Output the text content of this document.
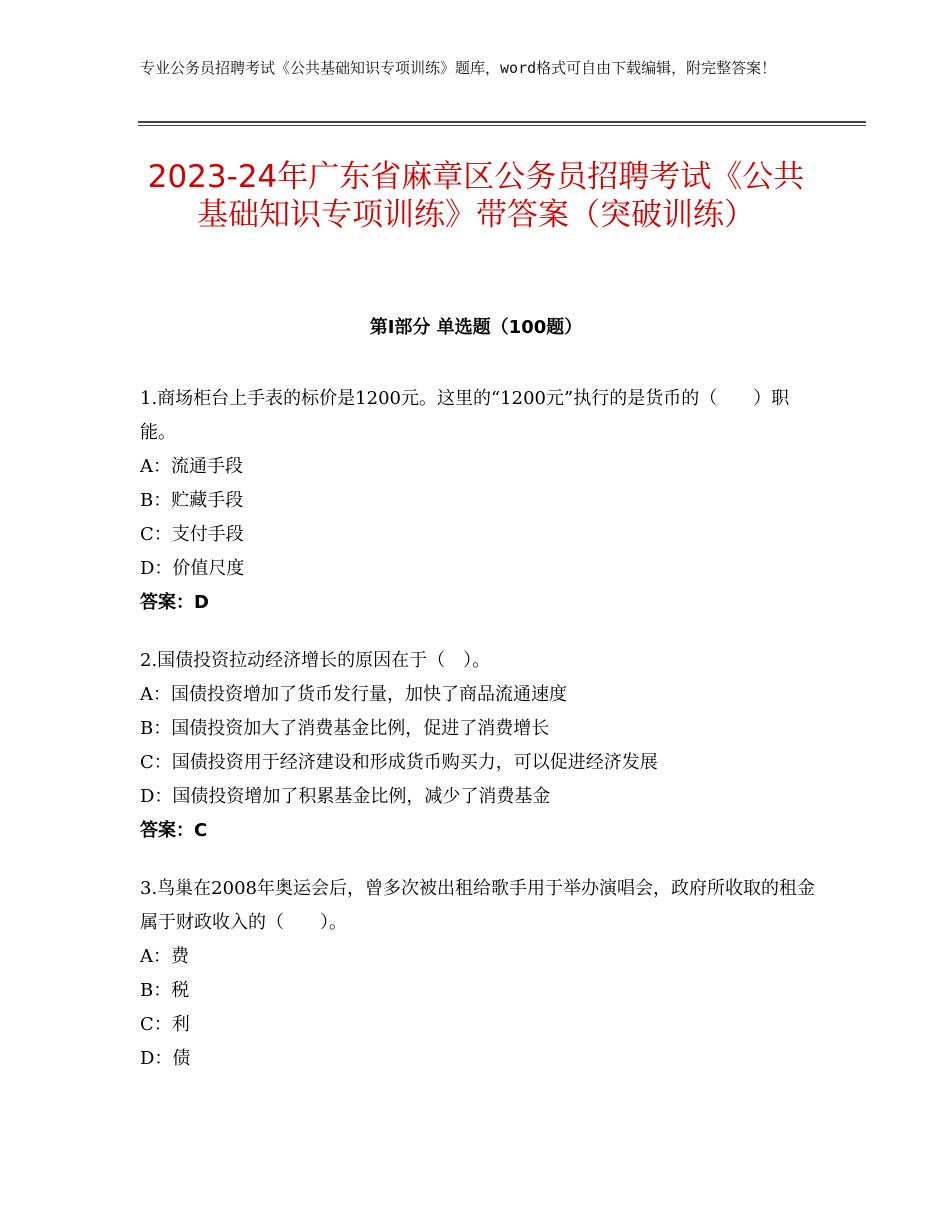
专业公务员招聘考试《公共基础知识专项训练》题库，word格式可自由下载编辑，附完整答案！
2023-24年广东省麻章区公务员招聘考试《公共基础知识专项训练》带答案（突破训练）
第Ⅰ部分 单选题（100题）
1.商场柜台上手表的标价是1200元。这里的“1200元”执行的是货币的（　　）职能。
A：流通手段
B：贮藏手段
C：支付手段
D：价值尺度
答案：D
2.国债投资拉动经济增长的原因在于（　）。
A：国债投资增加了货币发行量，加快了商品流通速度
B：国债投资加大了消费基金比例，促进了消费增长
C：国债投资用于经济建设和形成货币购买力，可以促进经济发展
D：国债投资增加了积累基金比例，减少了消费基金
答案：C
3.鸟巢在2008年奥运会后，曾多次被出租给歌手用于举办演唱会，政府所收取的租金属于财政收入的（　　）。
A：费
B：税
C：利
D：债
